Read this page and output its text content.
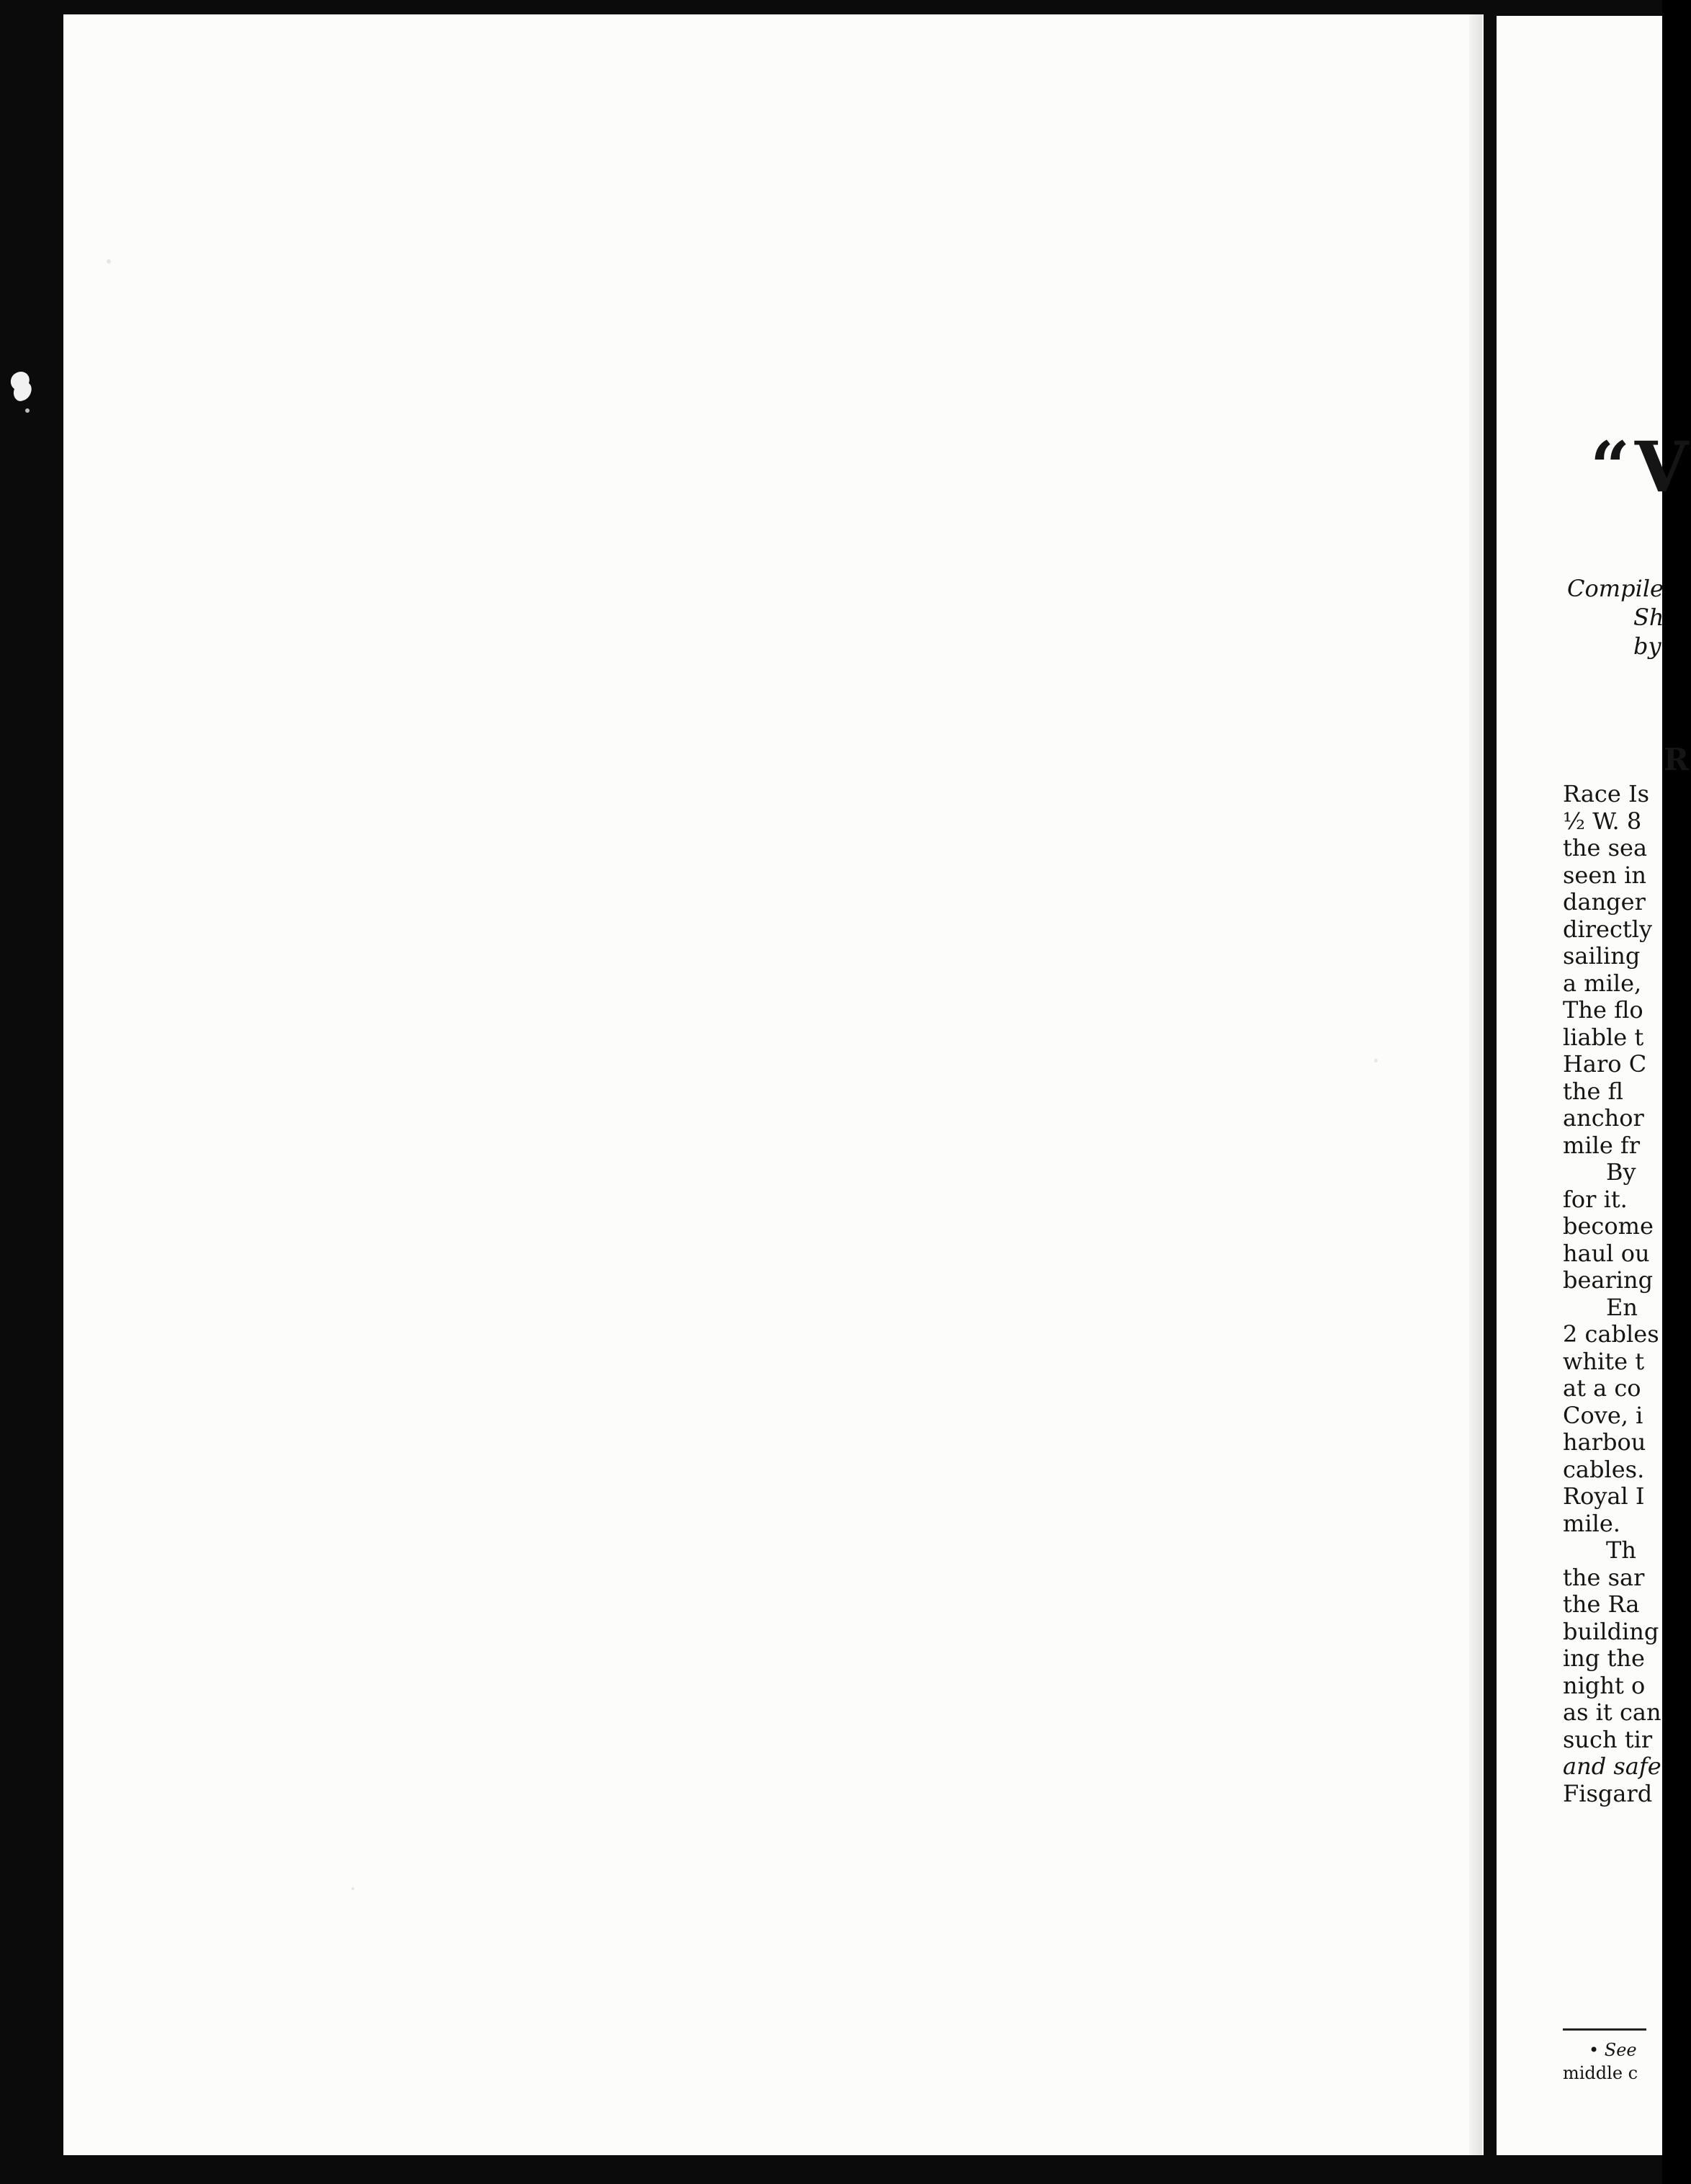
“V
Compile
Sh
by
R
Race Is
½ W. 8
the sea
seen in
danger
directly
sailing
a mile,
The flo
liable t
Haro C
the fl
anchor
mile fr
By
for it.
become
haul ou
bearing
En
2 cables
white t
at a co
Cove, i
harbou
cables.
Royal I
mile.
Th
the sar
the Ra
building
ing the
night o
as it can
such tir
and safe
Fisgard
• See
middle c
